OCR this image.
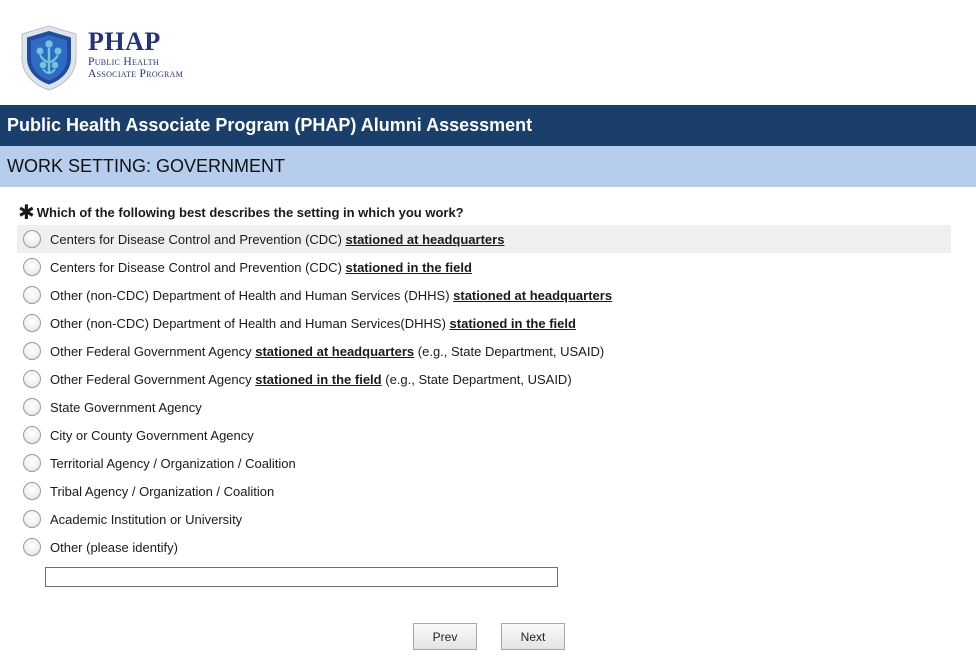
PHAP
Public Health
Associate Program
Public Health Associate Program (PHAP) Alumni Assessment
WORK SETTING: GOVERNMENT
✱ Which of the following best describes the setting in which you work?
Centers for Disease Control and Prevention (CDC) stationed at headquarters
Centers for Disease Control and Prevention (CDC) stationed in the field
Other (non-CDC) Department of Health and Human Services (DHHS) stationed at headquarters
Other (non-CDC) Department of Health and Human Services(DHHS) stationed in the field
Other Federal Government Agency stationed at headquarters (e.g., State Department, USAID)
Other Federal Government Agency stationed in the field (e.g., State Department, USAID)
State Government Agency
City or County Government Agency
Territorial Agency / Organization / Coalition
Tribal Agency / Organization / Coalition
Academic Institution or University
Other (please identify)
Prev	Next
